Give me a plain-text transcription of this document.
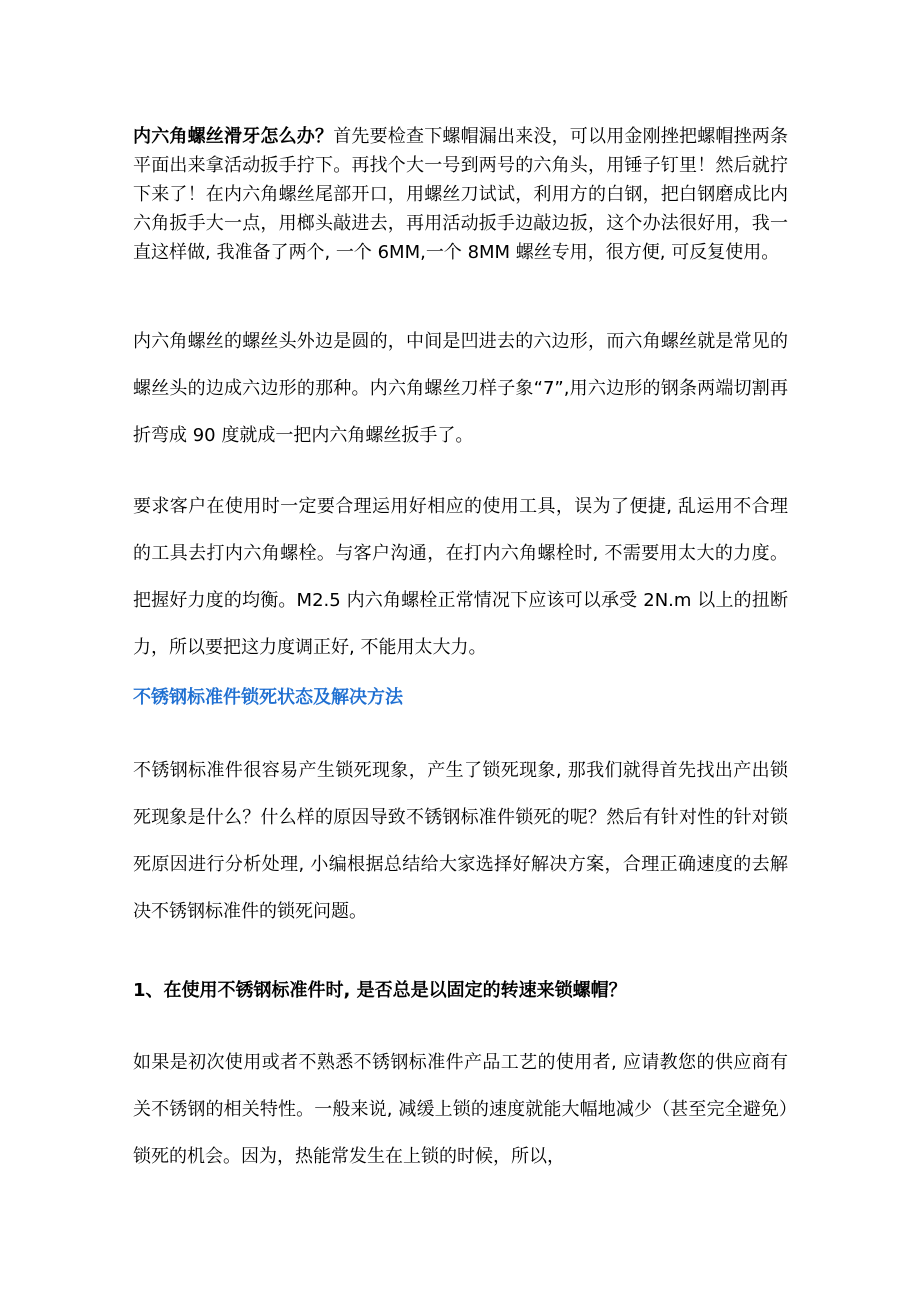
内六角螺丝滑牙怎么办？首先要检查下螺帽漏出来没，可以用金刚挫把螺帽挫两条平面出来拿活动扳手拧下。再找个大一号到两号的六角头，用锤子钉里！然后就拧下来了！在内六角螺丝尾部开口，用螺丝刀试试，利用方的白钢，把白钢磨成比内六角扳手大一点，用榔头敲进去，再用活动扳手边敲边扳，这个办法很好用，我一直这样做, 我准备了两个, 一个 6MM,一个 8MM 螺丝专用，很方便, 可反复使用。

内六角螺丝的螺丝头外边是圆的，中间是凹进去的六边形，而六角螺丝就是常见的螺丝头的边成六边形的那种。内六角螺丝刀样子象“7”,用六边形的钢条两端切割再折弯成 90 度就成一把内六角螺丝扳手了。

要求客户在使用时一定要合理运用好相应的使用工具，误为了便捷, 乱运用不合理的工具去打内六角螺栓。与客户沟通，在打内六角螺栓时, 不需要用太大的力度。把握好力度的均衡。M2.5 内六角螺栓正常情况下应该可以承受 2N.m 以上的扭断力，所以要把这力度调正好, 不能用太大力。

不锈钢标准件锁死状态及解决方法

不锈钢标准件很容易产生锁死现象，产生了锁死现象, 那我们就得首先找出产出锁死现象是什么？什么样的原因导致不锈钢标准件锁死的呢？然后有针对性的针对锁死原因进行分析处理, 小编根据总结给大家选择好解决方案，合理正确速度的去解决不锈钢标准件的锁死问题。

1、在使用不锈钢标准件时, 是否总是以固定的转速来锁螺帽？

如果是初次使用或者不熟悉不锈钢标准件产品工艺的使用者, 应请教您的供应商有关不锈钢的相关特性。一般来说, 减缓上锁的速度就能大幅地减少（甚至完全避免）锁死的机会。因为，热能常发生在上锁的时候，所以，
